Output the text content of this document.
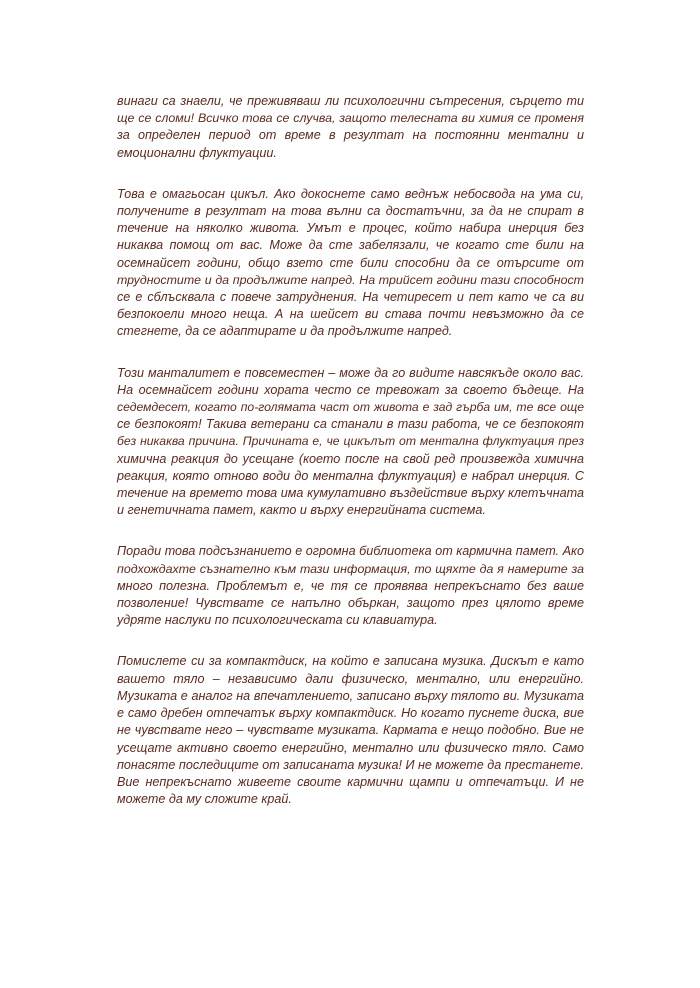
винаги са знаели, че преживяваш ли психологични сътресения, сърцето ти
ще се сломи! Всичко това се случва, защото телесната ви химия се променя
за определен период от време в резултат на постоянни ментални и
емоционални флуктуации.

Това е омагьосан цикъл. Ако докоснете само веднъж небосвода на ума си,
получените в резултат на това вълни са достатъчни, за да не спират в
течение на няколко живота. Умът е процес, който набира инерция без
никаква помощ от вас. Може да сте забелязали, че когато сте били на
осемнайсет години, общо взето сте били способни да се отърсите от
трудностите и да продължите напред. На трийсет години тази способност
се е сблъсквала с повече затруднения. На четиресет и пет като че са ви
безпокоели много неща. А на шейсет ви става почти невъзможно да се
стегнете, да се адаптирате и да продължите напред.

Този манталитет е повсеместен – може да го видите навсякъде около вас.
На осемнайсет години хората често се тревожат за своето бъдеще. На
седемдесет, когато по-голямата част от живота е зад гърба им, те все още
се безпокоят! Такива ветерани са станали в тази работа, че се безпокоят
без никаква причина. Причината е, че цикълът от ментална флуктуация през
химична реакция до усещане (което после на свой ред произвежда химична
реакция, която отново води до ментална флуктуация) е набрал инерция. С
течение на времето това има кумулативно въздействие върху клетъчната
и генетичната памет, както и върху енергийната система.

Поради това подсъзнанието е огромна библиотека от кармична памет. Ако
подхождахте съзнателно към тази информация, то щяхте да я намерите за
много полезна. Проблемът е, че тя се проявява непрекъснато без ваше
позволение! Чувствате се напълно объркан, защото през цялото време
удряте наслуки по психологическата си клавиатура.

Помислете си за компактдиск, на който е записана музика. Дискът е като
вашето тяло – независимо дали физическо, ментално, или енергийно.
Музиката е аналог на впечатлението, записано върху тялото ви. Музиката
е само дребен отпечатък върху компактдиск. Но когато пуснете диска, вие
не чувствате него – чувствате музиката. Кармата е нещо подобно. Вие не
усещате активно своето енергийно, ментално или физическо тяло. Само
понасяте последиците от записаната музика! И не можете да престанете.
Вие непрекъснато живеете своите кармични щампи и отпечатъци. И не
можете да му сложите край.
